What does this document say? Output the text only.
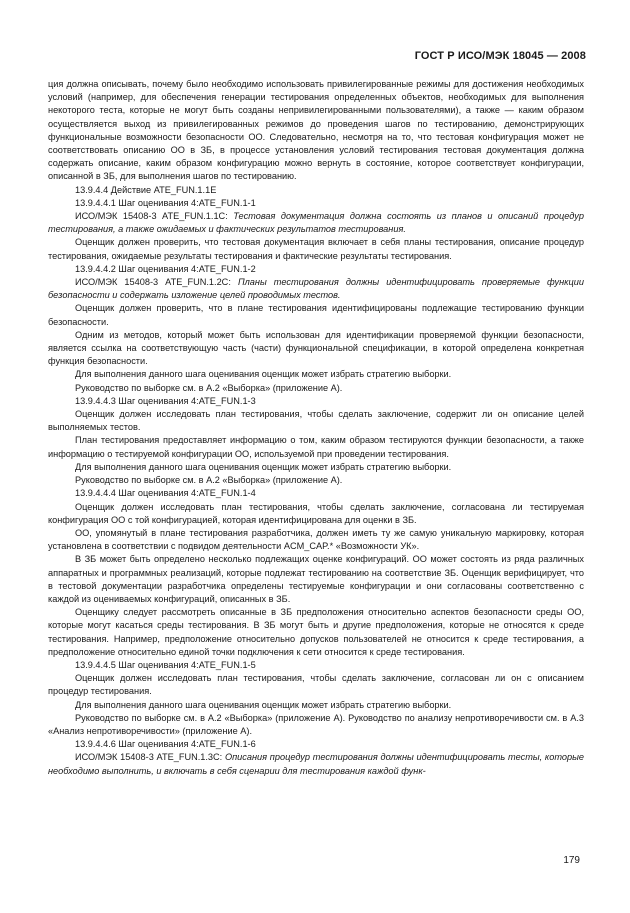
ГОСТ Р ИСО/МЭК 18045 — 2008

ция должна описывать, почему было необходимо использовать привилегированные режимы для достижения необходимых условий (например, для обеспечения генерации тестирования определенных объектов, необходимых для выполнения некоторого теста, которые не могут быть созданы непривилегированными пользователями), а также — каким образом осуществляется выход из привилегированных режимов до проведения шагов по тестированию, демонстрирующих функциональные возможности безопасности ОО. Следовательно, несмотря на то, что тестовая конфигурация может не соответствовать описанию ОО в ЗБ, в процессе установления условий тестирования тестовая документация должна содержать описание, каким образом конфигурацию можно вернуть в состояние, которое соответствует конфигурации, описанной в ЗБ, для выполнения шагов по тестированию.

13.9.4.4 Действие ATE_FUN.1.1E

13.9.4.4.1 Шаг оценивания 4:ATE_FUN.1-1

ИСО/МЭК 15408-3 ATE_FUN.1.1C: Тестовая документация должна состоять из планов и описаний процедур тестирования, а также ожидаемых и фактических результатов тестирования.

Оценщик должен проверить, что тестовая документация включает в себя планы тестирования, описание процедур тестирования, ожидаемые результаты тестирования и фактические результаты тестирования.

13.9.4.4.2 Шаг оценивания 4:ATE_FUN.1-2

ИСО/МЭК 15408-3 ATE_FUN.1.2C: Планы тестирования должны идентифицировать проверяемые функции безопасности и содержать изложение целей проводимых тестов.

Оценщик должен проверить, что в плане тестирования идентифицированы подлежащие тестированию функции безопасности.

Одним из методов, который может быть использован для идентификации проверяемой функции безопасности, является ссылка на соответствующую часть (части) функциональной спецификации, в которой определена конкретная функция безопасности.

Для выполнения данного шага оценивания оценщик может избрать стратегию выборки.

Руководство по выборке см. в А.2 «Выборка» (приложение А).

13.9.4.4.3 Шаг оценивания 4:ATE_FUN.1-3

Оценщик должен исследовать план тестирования, чтобы сделать заключение, содержит ли он описание целей выполняемых тестов.

План тестирования предоставляет информацию о том, каким образом тестируются функции безопасности, а также информацию о тестируемой конфигурации ОО, используемой при проведении тестирования.

Для выполнения данного шага оценивания оценщик может избрать стратегию выборки.

Руководство по выборке см. в А.2 «Выборка» (приложение А).

13.9.4.4.4 Шаг оценивания 4:ATE_FUN.1-4

Оценщик должен исследовать план тестирования, чтобы сделать заключение, согласована ли тестируемая конфигурация ОО с той конфигурацией, которая идентифицирована для оценки в ЗБ.

ОО, упомянутый в плане тестирования разработчика, должен иметь ту же самую уникальную маркировку, которая установлена в соответствии с подвидом деятельности ACM_CAP.* «Возможности УК».

В ЗБ может быть определено несколько подлежащих оценке конфигураций. ОО может состоять из ряда различных аппаратных и программных реализаций, которые подлежат тестированию на соответствие ЗБ. Оценщик верифицирует, что в тестовой документации разработчика определены тестируемые конфигурации и они согласованы соответственно с каждой из оцениваемых конфигураций, описанных в ЗБ.

Оценщику следует рассмотреть описанные в ЗБ предположения относительно аспектов безопасности среды ОО, которые могут касаться среды тестирования. В ЗБ могут быть и другие предположения, которые не относятся к среде тестирования. Например, предположение относительно допусков пользователей не относится к среде тестирования, а предположение относительно единой точки подключения к сети относится к среде тестирования.

13.9.4.4.5 Шаг оценивания 4:ATE_FUN.1-5

Оценщик должен исследовать план тестирования, чтобы сделать заключение, согласован ли он с описанием процедур тестирования.

Для выполнения данного шага оценивания оценщик может избрать стратегию выборки.

Руководство по выборке см. в А.2 «Выборка» (приложение А). Руководство по анализу непротиворечивости см. в А.3 «Анализ непротиворечивости» (приложение А).

13.9.4.4.6 Шаг оценивания 4:ATE_FUN.1-6

ИСО/МЭК 15408-3 ATE_FUN.1.3C: Описания процедур тестирования должны идентифицировать тесты, которые необходимо выполнить, и включать в себя сценарии для тестирования каждой функ-

179
